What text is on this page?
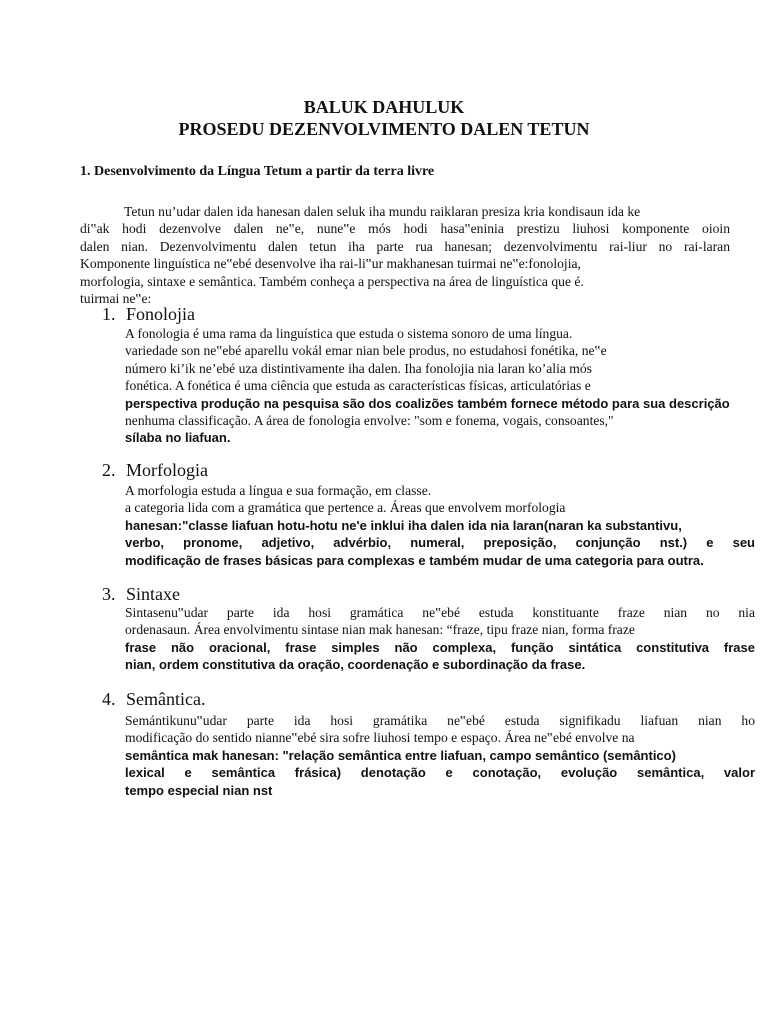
BALUK DAHULUK
PROSEDU DEZENVOLVIMENTO DALEN TETUN
1. Desenvolvimento da Língua Tetum a partir da terra livre
Tetun nu’udar dalen ida hanesan dalen seluk iha mundu raiklaran presiza kria kondisaun ida ke
di‟ak hodi dezenvolve dalen ne‟e, nune‟e mós hodi hasa‟eninia prestizu liuhosi komponente oioin
dalen nian. Dezenvolvimentu dalen tetun iha parte rua hanesan; dezenvolvimentu rai-liur no rai-laran
Komponente linguística ne‟ebé desenvolve iha rai-li‟ur makhanesan tuirmai ne‟e:fonolojia,
morfologia, sintaxe e semântica. Também conheça a perspectiva na área de linguística que é.
tuirmai ne‟e:
1. Fonolojia
A fonologia é uma rama da linguística que estuda o sistema sonoro de uma língua.
variedade son ne‟ebé aparellu vokál emar nian bele produs, no estudahosi fonétika, ne‟e
número ki’ik ne’ebé uza distintivamente iha dalen. Iha fonolojia nia laran ko’alia mós
fonética. A fonética é uma ciência que estuda as características físicas, articulatórias e
perspectiva produção na pesquisa são dos coalizões também fornece método para sua descrição
nenhuma classificação. A área de fonologia envolve: "som e fonema, vogais, consoantes,"
sílaba no liafuan.
2. Morfologia
A morfologia estuda a língua e sua formação, em classe.
a categoria lida com a gramática que pertence a. Áreas que envolvem morfologia
hanesan:"classe liafuan hotu-hotu ne'e inklui iha dalen ida nia laran(naran ka substantivu,
verbo, pronome, adjetivo, advérbio, numeral, preposição, conjunção nst.) e seu
modificação de frases básicas para complexas e também mudar de uma categoria para outra.
3. Sintaxe
Sintasenu‟udar parte ida hosi gramática ne‟ebé estuda konstituante fraze nian no nia
ordenasaun. Área envolvimentu sintase nian mak hanesan: “fraze, tipu fraze nian, forma fraze
frase não oracional, frase simples não complexa, função sintática constitutiva frase
nian, ordem constitutiva da oração, coordenação e subordinação da frase.
4. Semântica.
Semántikunu‟udar parte ida hosi gramátika ne‟ebé estuda signifikadu liafuan nian ho
modificação do sentido nianne‟ebé sira sofre liuhosi tempo e espaço. Área ne‟ebé envolve na
semântica mak hanesan: "relação semântica entre liafuan, campo semântico (semântico)
lexical e semântica frásica) denotação e conotação, evolução semântica, valor
tempo especial nian nst
